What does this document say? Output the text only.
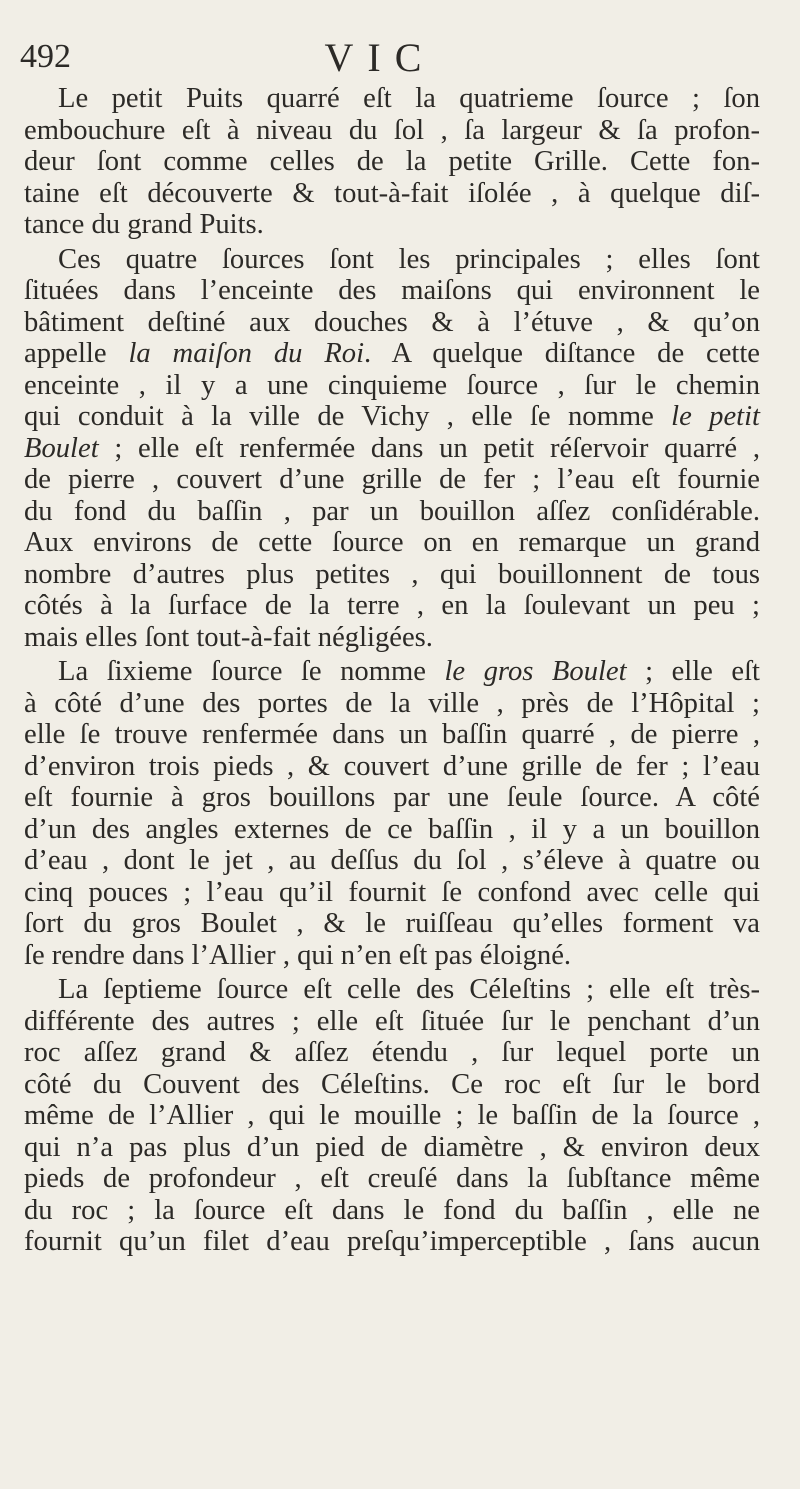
492	VIC
Le petit Puits quarré eſt la quatrieme ſource ; ſon
embouchure eſt à niveau du ſol , ſa largeur & ſa profon-
deur ſont comme celles de la petite Grille. Cette fon-
taine eſt découverte & tout-à-fait iſolée , à quelque diſ-
tance du grand Puits.
Ces quatre ſources ſont les principales ; elles ſont
ſituées dans l’enceinte des maiſons qui environnent le
bâtiment deſtiné aux douches & à l’étuve , & qu’on
appelle la maiſon du Roi. A quelque diſtance de cette
enceinte , il y a une cinquieme ſource , ſur le chemin
qui conduit à la ville de Vichy , elle ſe nomme le petit
Boulet ; elle eſt renfermée dans un petit réſervoir quarré ,
de pierre , couvert d’une grille de fer ; l’eau eſt fournie
du fond du baſſin , par un bouillon aſſez conſidérable.
Aux environs de cette ſource on en remarque un grand
nombre d’autres plus petites , qui bouillonnent de tous
côtés à la ſurface de la terre , en la ſoulevant un peu ;
mais elles ſont tout-à-fait négligées.
La ſixieme ſource ſe nomme le gros Boulet ; elle eſt
à côté d’une des portes de la ville , près de l’Hôpital ;
elle ſe trouve renfermée dans un baſſin quarré , de pierre ,
d’environ trois pieds , & couvert d’une grille de fer ; l’eau
eſt fournie à gros bouillons par une ſeule ſource. A côté
d’un des angles externes de ce baſſin , il y a un bouillon
d’eau , dont le jet , au deſſus du ſol , s’éleve à quatre ou
cinq pouces ; l’eau qu’il fournit ſe confond avec celle qui
ſort du gros Boulet , & le ruiſſeau qu’elles forment va
ſe rendre dans l’Allier , qui n’en eſt pas éloigné.
La ſeptieme ſource eſt celle des Céleſtins ; elle eſt très-
différente des autres ; elle eſt ſituée ſur le penchant d’un
roc aſſez grand & aſſez étendu , ſur lequel porte un
côté du Couvent des Céleſtins. Ce roc eſt ſur le bord
même de l’Allier , qui le mouille ; le baſſin de la ſource ,
qui n’a pas plus d’un pied de diamètre , & environ deux
pieds de profondeur , eſt creuſé dans la ſubſtance même
du roc ; la ſource eſt dans le fond du baſſin , elle ne
fournit qu’un filet d’eau preſqu’imperceptible , ſans aucun
